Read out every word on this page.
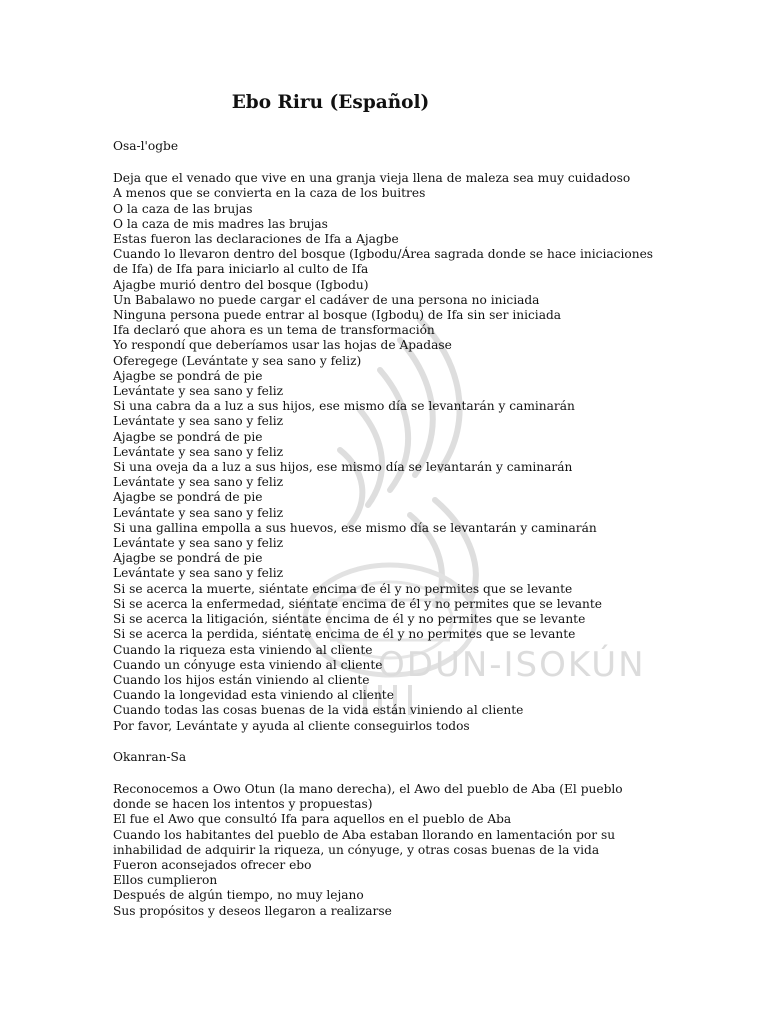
ODUN-ISOKÚN
Ebo Riru (Español)

Osa-l'ogbe

Deja que el venado que vive en una granja vieja llena de maleza sea muy cuidadoso

A menos que se convierta en la caza de los buitres

O la caza de las brujas

O la caza de mis madres las brujas

Estas fueron las declaraciones de Ifa a Ajagbe

Cuando lo llevaron dentro del bosque (Igbodu/Área sagrada donde se hace iniciaciones

de Ifa) de Ifa para iniciarlo al culto de Ifa

Ajagbe murió dentro del bosque (Igbodu)

Un Babalawo no puede cargar el cadáver de una persona no iniciada

Ninguna persona puede entrar al bosque (Igbodu) de Ifa sin ser iniciada

Ifa declaró que ahora es un tema de transformación

Yo respondí que deberíamos usar las hojas de Apadase

Oferegege (Levántate y sea sano y feliz)

Ajagbe se pondrá de pie

Levántate y sea sano y feliz

Si una cabra da a luz a sus hijos, ese mismo día se levantarán y caminarán

Levántate y sea sano y feliz

Ajagbe se pondrá de pie

Levántate y sea sano y feliz

Si una oveja da a luz a sus hijos, ese mismo día se levantarán y caminarán

Levántate y sea sano y feliz

Ajagbe se pondrá de pie

Levántate y sea sano y feliz

Si una gallina empolla a sus huevos, ese mismo día se levantarán y caminarán

Levántate y sea sano y feliz

Ajagbe se pondrá de pie

Levántate y sea sano y feliz

Si se acerca la muerte, siéntate encima de él y no permites que se levante

Si se acerca la enfermedad, siéntate encima de él y no permites que se levante

Si se acerca la litigación, siéntate encima de él y no permites que se levante

Si se acerca la perdida, siéntate encima de él y no permites que se levante

Cuando la riqueza esta viniendo al cliente

Cuando un cónyuge esta viniendo al cliente

Cuando los hijos están viniendo al cliente

Cuando la longevidad esta viniendo al cliente

Cuando todas las cosas buenas de la vida están viniendo al cliente

Por favor, Levántate y ayuda al cliente conseguirlos todos

Okanran-Sa

Reconocemos a Owo Otun (la mano derecha), el Awo del pueblo de Aba (El pueblo

donde se hacen los intentos y propuestas)

El fue el Awo que consultó Ifa para aquellos en el pueblo de Aba

Cuando los habitantes del pueblo de Aba estaban llorando en lamentación por su

inhabilidad de adquirir la riqueza, un cónyuge, y otras cosas buenas de la vida

Fueron aconsejados ofrecer ebo

Ellos cumplieron

Después de algún tiempo, no muy lejano

Sus propósitos y deseos llegaron a realizarse
